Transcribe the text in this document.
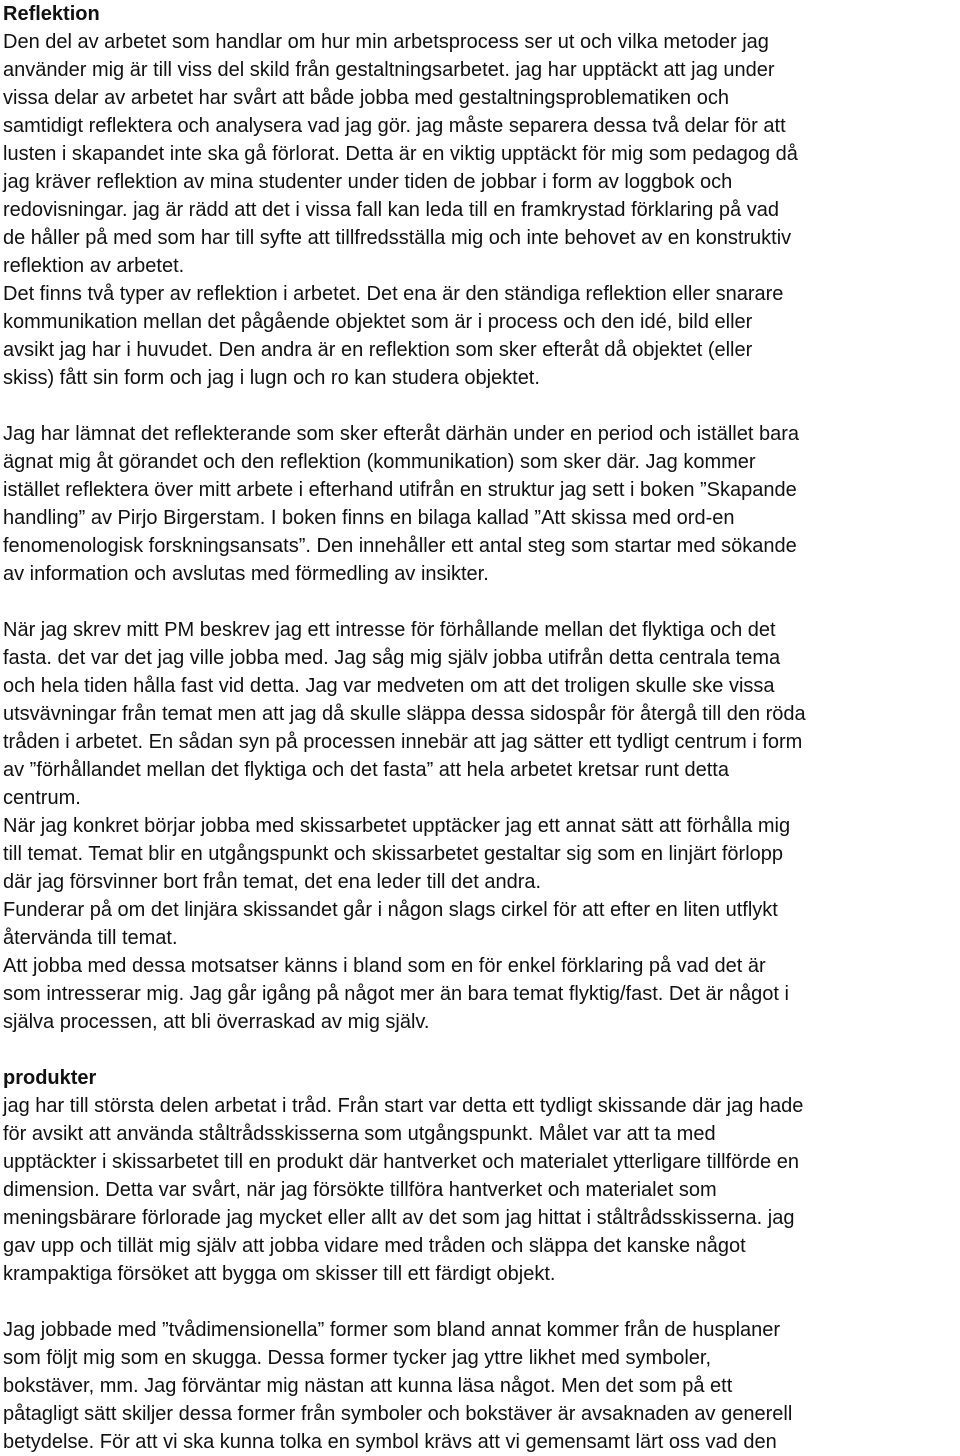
Reflektion
Den del av arbetet som handlar om hur min arbetsprocess ser ut och vilka metoder jag
använder mig är till viss del skild från gestaltningsarbetet. jag har upptäckt att jag under
vissa delar av arbetet har svårt att både jobba med gestaltningsproblematiken och
samtidigt reflektera och analysera vad jag gör. jag måste separera dessa två delar för att
lusten i skapandet inte ska gå förlorat. Detta är en viktig upptäckt för mig som pedagog då
jag kräver reflektion av mina studenter under tiden de jobbar i form av loggbok och
redovisningar. jag är rädd att det i vissa fall kan leda till en framkrystad förklaring på vad
de håller på med som har till syfte att tillfredsställa mig och inte behovet av en konstruktiv
reflektion av arbetet.
Det finns två typer av reflektion i arbetet. Det ena är den ständiga reflektion eller snarare
kommunikation mellan det pågående objektet som är i process och den idé, bild eller
avsikt jag har i huvudet. Den andra är en reflektion som sker efteråt då objektet (eller
skiss) fått sin form och jag i lugn och ro kan studera objektet.
Jag har lämnat det reflekterande som sker efteråt därhän under en period och istället bara
ägnat mig åt görandet och den reflektion (kommunikation) som sker där. Jag kommer
istället reflektera över mitt arbete i efterhand utifrån en struktur jag sett i boken ”Skapande
handling” av Pirjo Birgerstam. I boken finns en bilaga kallad ”Att skissa med ord-en
fenomenologisk forskningsansats”. Den innehåller ett antal steg som startar med sökande
av information och avslutas med förmedling av insikter.
När jag skrev mitt PM beskrev jag ett intresse för förhållande mellan det flyktiga och det
fasta. det var det jag ville jobba med. Jag såg mig själv jobba utifrån detta centrala tema
och hela tiden hålla fast vid detta. Jag var medveten om att det troligen skulle ske vissa
utsvävningar från temat men att jag då skulle släppa dessa sidospår för återgå till den röda
tråden i arbetet. En sådan syn på processen innebär att jag sätter ett tydligt centrum i form
av ”förhållandet mellan det flyktiga och det fasta” att hela arbetet kretsar runt detta
centrum.
När jag konkret börjar jobba med skissarbetet upptäcker jag ett annat sätt att förhålla mig
till temat. Temat blir en utgångspunkt och skissarbetet gestaltar sig som en linjärt förlopp
där jag försvinner bort från temat, det ena leder till det andra.
Funderar på om det linjära skissandet går i någon slags cirkel för att efter en liten utflykt
återvända till temat.
Att jobba med dessa motsatser känns i bland som en för enkel förklaring på vad det är
som intresserar mig. Jag går igång på något mer än bara temat flyktig/fast. Det är något i
själva processen, att bli överraskad av mig själv.
produkter
jag har till största delen arbetat i tråd. Från start var detta ett tydligt skissande där jag hade
för avsikt att använda ståltrådsskisserna som utgångspunkt. Målet var att ta med
upptäckter i skissarbetet till en produkt där hantverket och materialet ytterligare tillförde en
dimension. Detta var svårt, när jag försökte tillföra hantverket och materialet som
meningsbärare förlorade jag mycket eller allt av det som jag hittat i ståltrådsskisserna. jag
gav upp och tillät mig själv att jobba vidare med tråden och släppa det kanske något
krampaktiga försöket att bygga om skisser till ett färdigt objekt.
Jag jobbade med ”tvådimensionella” former som bland annat kommer från de husplaner
som följt mig som en skugga. Dessa former tycker jag yttre likhet med symboler,
bokstäver, mm. Jag förväntar mig nästan att kunna läsa något. Men det som på ett
påtagligt sätt skiljer dessa former från symboler och bokstäver är avsaknaden av generell
betydelse. För att vi ska kunna tolka en symbol krävs att vi gemensamt lärt oss vad den
